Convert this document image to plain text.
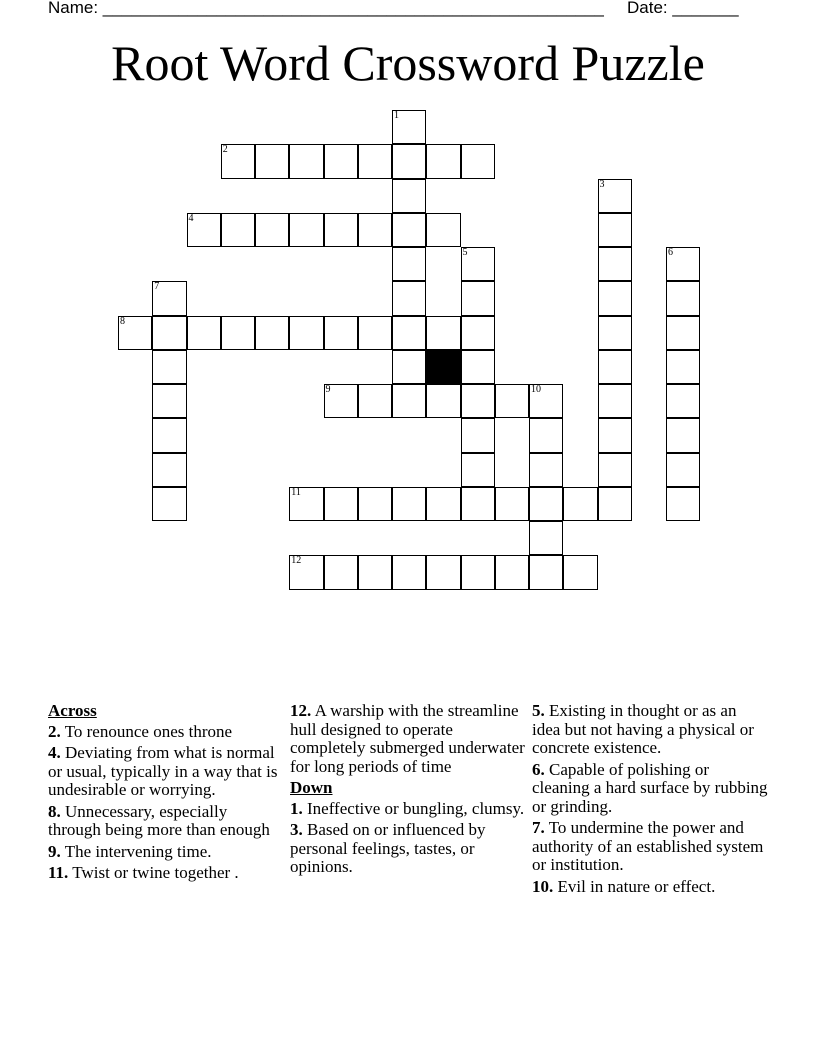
Name: _____________________________________________________ Date: _______
Root Word Crossword Puzzle
1
2
3
4
5	6
7
8
9	10
11
12
Across
2. To renounce ones throne
4. Deviating from what is normal or usual, typically in a way that is undesirable or worrying.
8. Unnecessary, especially through being more than enough
9. The intervening time.
11. Twist or twine together .
12. A warship with the streamline hull designed to operate completely submerged underwater for long periods of time
Down
1. Ineffective or bungling, clumsy.
3. Based on or influenced by personal feelings, tastes, or opinions.
5. Existing in thought or as an idea but not having a physical or concrete existence.
6. Capable of polishing or cleaning a hard surface by rubbing or grinding.
7. To undermine the power and authority of an established system or institution.
10. Evil in nature or effect.
